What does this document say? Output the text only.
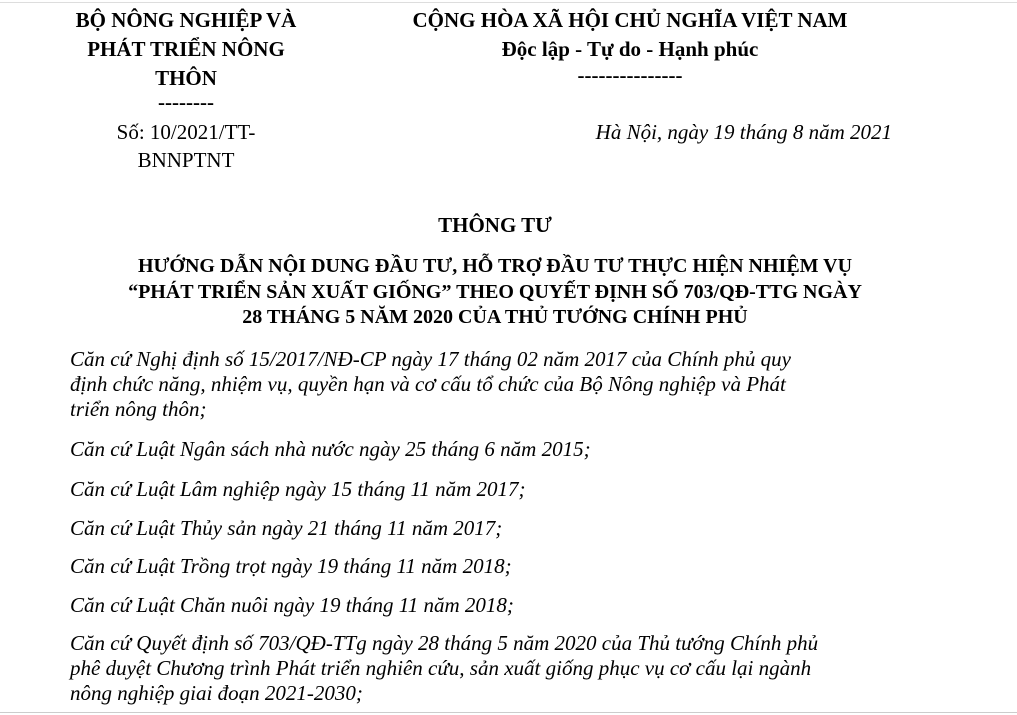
BỘ NÔNG NGHIỆP VÀ
PHÁT TRIỂN NÔNG
THÔN
--------
Số: 10/2021/TT-
BNNPTNT
CỘNG HÒA XÃ HỘI CHỦ NGHĨA VIỆT NAM
Độc lập - Tự do - Hạnh phúc
---------------
Hà Nội, ngày 19 tháng 8 năm 2021
THÔNG TƯ
HƯỚNG DẪN NỘI DUNG ĐẦU TƯ, HỖ TRỢ ĐẦU TƯ THỰC HIỆN NHIỆM VỤ
“PHÁT TRIỂN SẢN XUẤT GIỐNG” THEO QUYẾT ĐỊNH SỐ 703/QĐ-TTG NGÀY
28 THÁNG 5 NĂM 2020 CỦA THỦ TƯỚNG CHÍNH PHỦ
Căn cứ Nghị định số 15/2017/NĐ-CP ngày 17 tháng 02 năm 2017 của Chính phủ quy
định chức năng, nhiệm vụ, quyền hạn và cơ cấu tổ chức của Bộ Nông nghiệp và Phát
triển nông thôn;
Căn cứ Luật Ngân sách nhà nước ngày 25 tháng 6 năm 2015;
Căn cứ Luật Lâm nghiệp ngày 15 tháng 11 năm 2017;
Căn cứ Luật Thủy sản ngày 21 tháng 11 năm 2017;
Căn cứ Luật Trồng trọt ngày 19 tháng 11 năm 2018;
Căn cứ Luật Chăn nuôi ngày 19 tháng 11 năm 2018;
Căn cứ Quyết định số 703/QĐ-TTg ngày 28 tháng 5 năm 2020 của Thủ tướng Chính phủ
phê duyệt Chương trình Phát triển nghiên cứu, sản xuất giống phục vụ cơ cấu lại ngành
nông nghiệp giai đoạn 2021-2030;
